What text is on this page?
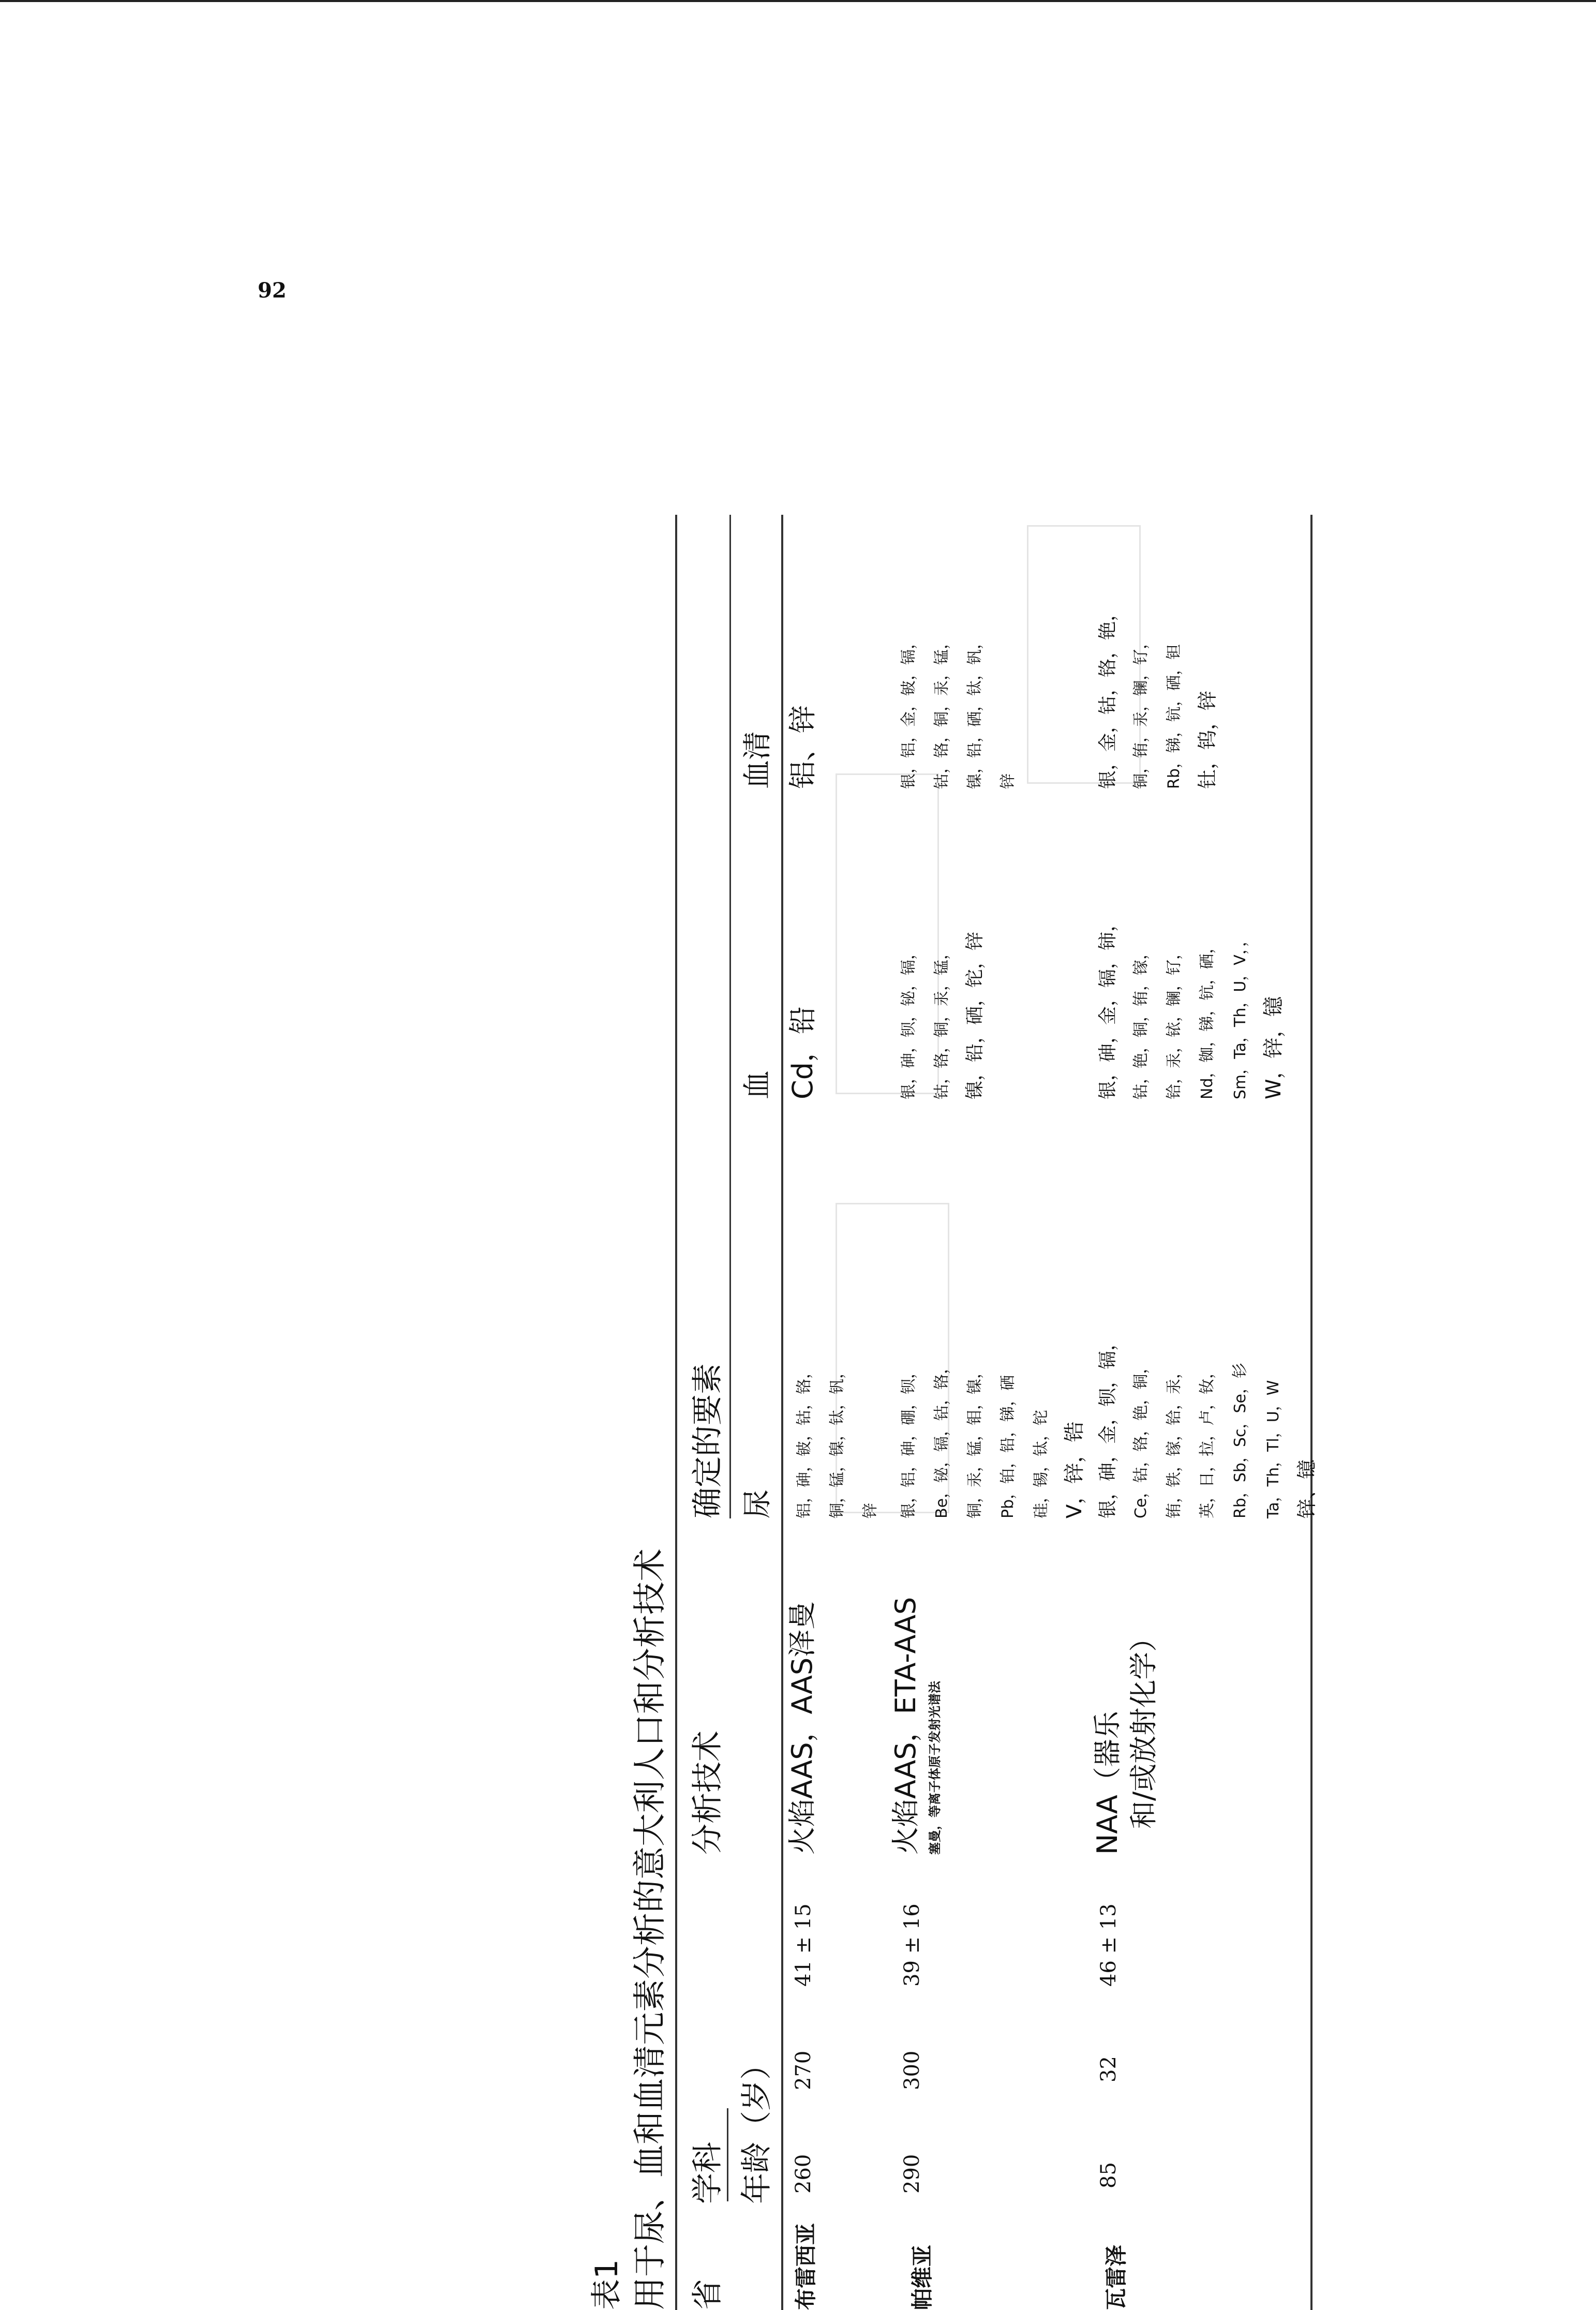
92
表1 用于尿、血和血清元素分析的意大利人口和分析技术 省
学科 年龄（岁）
分析技术
确定的要素 尿
血
血清
布雷西亚
260
270
41 ± 15
火焰AAS，AAS泽曼
铝，砷，铍，钴，铬， 铜，锰，镍，钛，钒， 锌
Cd，铅
铝、锌
帕维亚
290
300
39 ± 16
火焰AAS，ETA-AAS 塞曼，等离子体原子发射光谱法
银，铝，砷，硼，钡， Be，铋，镉，钴，铬， 铜，汞，锰，钼，镍， Pb，铂，铅，锑，硒 硅，锡，钛，铊 V，锌，锆
银，砷，钡，铋，镉， 钴，铬，铜，汞，锰， 镍，铅，硒，铊，锌
银，铝，金，铍，镉， 钴，铬，铜，汞，锰， 镍，铅，硒，钛，钒， 锌
瓦雷泽
85
32
46 ± 13
NAA（器乐 和/或放射化学）
银，砷，金，钡，镉， Ce，钴，铬，铯，铜， 铕，铁，镓，铪，汞， 英，日，拉，卢，钕， Rb，Sb，Sc，Se，钐 Ta，Th，Tl，U，W 锌、镱
银，砷，金，镉，铈， 钴，铯，铜，铕，镓， 铪，汞，铱，镧，钌， Nd，铷，锑，钪，硒， Sm，Ta，Th，U，V，， W，锌，镱
银，金，钴，铬，铯， 铜，铕，汞，镧，钌， Rb，锑，钪，硒，钽 钍，钨，锌
